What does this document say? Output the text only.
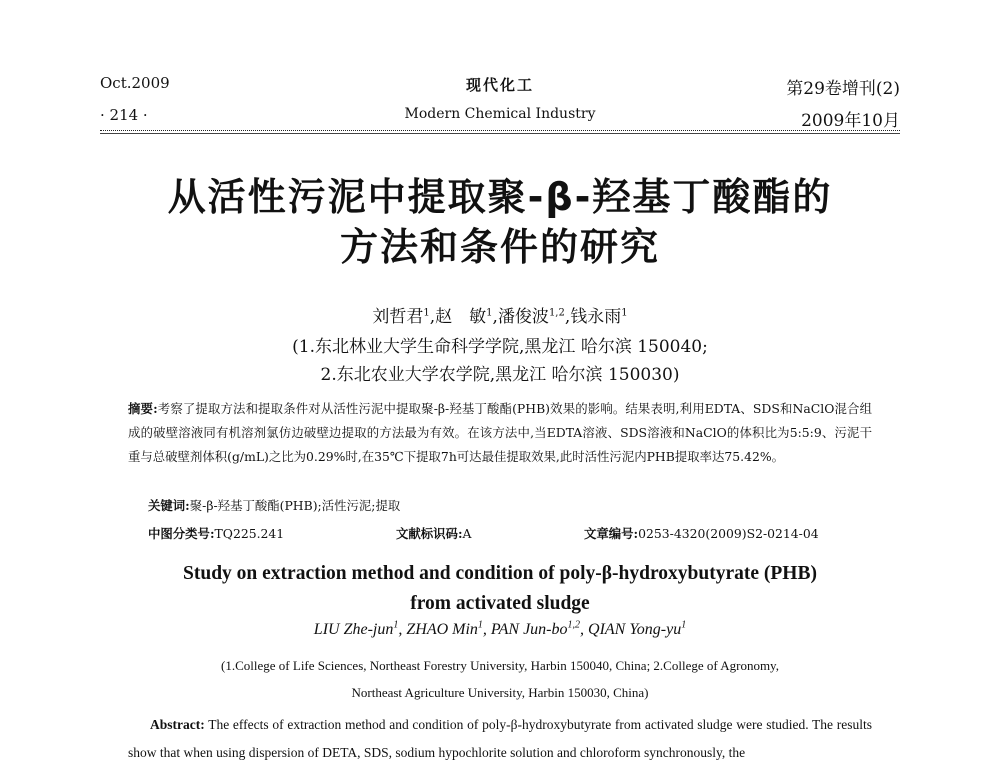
Oct.2009	现代化工	第29卷增刊(2)
· 214 ·	Modern Chemical Industry	2009年10月
从活性污泥中提取聚-β-羟基丁酸酯的
方法和条件的研究
刘哲君$^1$,赵　敏$^1$,潘俊波$^{1,2}$,钱永雨$^1$
(1.东北林业大学生命科学学院,黑龙江 哈尔滨 150040;
2.东北农业大学农学院,黑龙江 哈尔滨 150030)
摘要:考察了提取方法和提取条件对从活性污泥中提取聚-β-羟基丁酸酯(PHB)效果的影响。结果表明,利用EDTA、SDS和NaClO混合组成的破壁溶液同有机溶剂氯仿边破壁边提取的方法最为有效。在该方法中,当EDTA溶液、SDS溶液和NaClO的体积比为5:5:9、污泥干重与总破壁剂体积(g/mL)之比为0.29%时,在35℃下提取7h可达最佳提取效果,此时活性污泥内PHB提取率达75.42%。
关键词:聚-β-羟基丁酸酯(PHB);活性污泥;提取
中图分类号:TQ225.241	文献标识码:A	文章编号:0253-4320(2009)S2-0214-04
Study on extraction method and condition of poly-β-hydroxybutyrate (PHB)
from activated sludge
LIU Zhe-jun$^1$, ZHAO Min$^1$, PAN Jun-bo$^{1,2}$, QIAN Yong-$yu^1$
(1.College of Life Sciences, Northeast Forestry University, Harbin 150040, China; 2.College of Agronomy,
Northeast Agriculture University, Harbin 150030, China)
Abstract: The effects of extraction method and condition of poly-β-hydroxybutyrate from activated sludge were studied. The results show that when using dispersion of DETA, SDS, sodium hypochlorite solution and chloroform synchronously, the
